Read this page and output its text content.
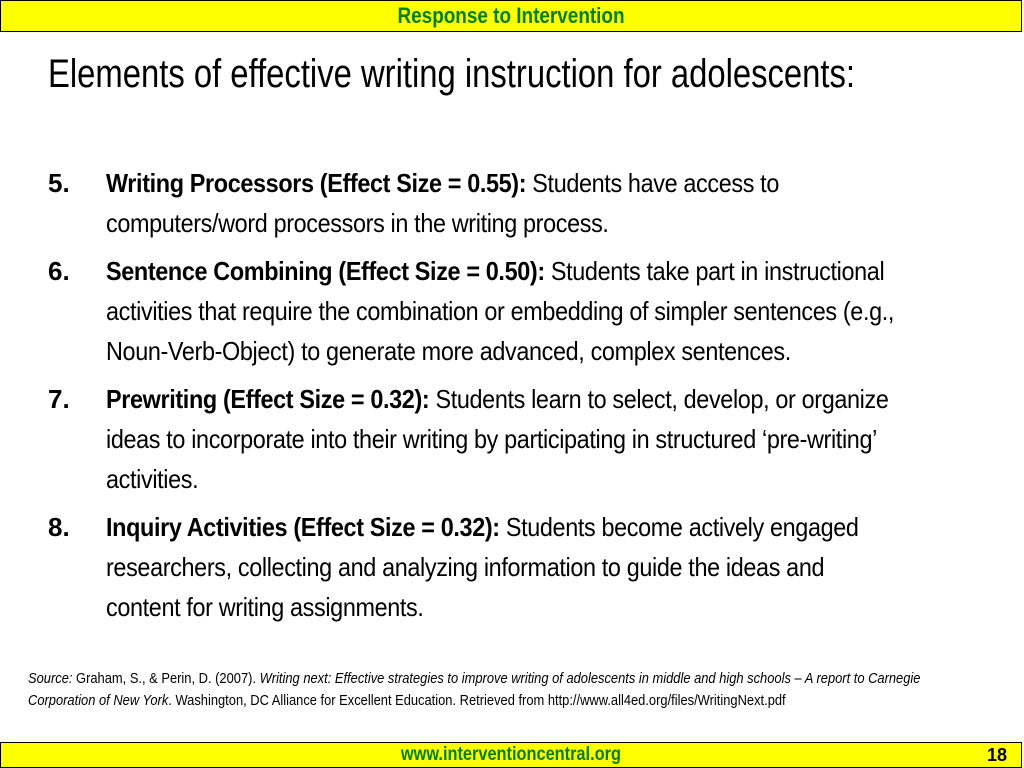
Response to Intervention
Elements of effective writing instruction for adolescents:
5.	Writing Processors (Effect Size = 0.55): Students have access to computers/word processors in the writing process.
6.	Sentence Combining (Effect Size = 0.50): Students take part in instructional activities that require the combination or embedding of simpler sentences (e.g., Noun-Verb-Object) to generate more advanced, complex sentences.
7.	Prewriting (Effect Size = 0.32): Students learn to select, develop, or organize ideas to incorporate into their writing by participating in structured ‘pre-writing’ activities.
8.	Inquiry Activities (Effect Size = 0.32): Students become actively engaged researchers, collecting and analyzing information to guide the ideas and content for writing assignments.
Source: Graham, S., & Perin, D. (2007). Writing next: Effective strategies to improve writing of adolescents in middle and high schools – A report to Carnegie Corporation of New York. Washington, DC Alliance for Excellent Education. Retrieved from http://www.all4ed.org/files/WritingNext.pdf
www.interventioncentral.org	18
